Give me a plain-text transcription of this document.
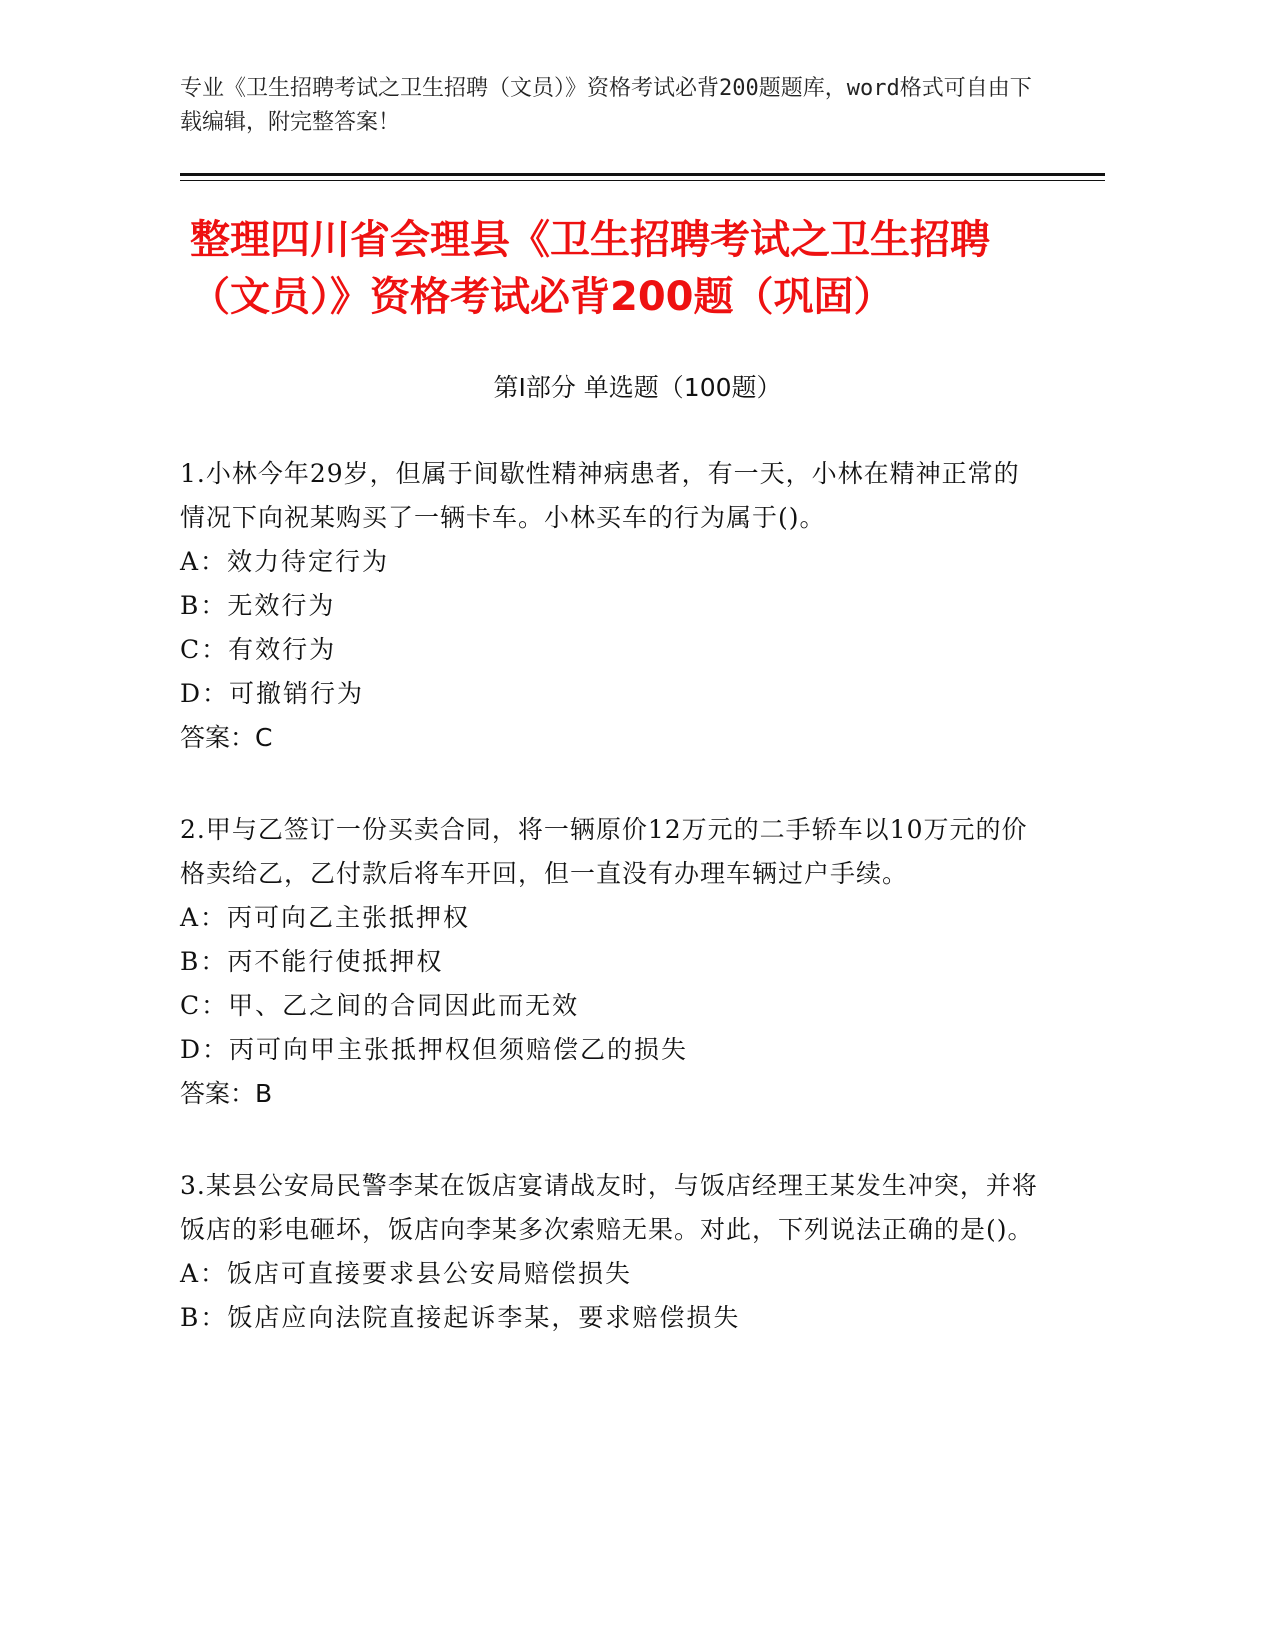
专业《卫生招聘考试之卫生招聘（文员）》资格考试必背200题题库，word格式可自由下载编辑，附完整答案！
整理四川省会理县《卫生招聘考试之卫生招聘（文员）》资格考试必背200题（巩固）
第Ⅰ部分 单选题（100题）
1.小林今年29岁，但属于间歇性精神病患者，有一天，小林在精神正常的情况下向祝某购买了一辆卡车。小林买车的行为属于()。
A：效力待定行为
B：无效行为
C：有效行为
D：可撤销行为
答案：C
2.甲与乙签订一份买卖合同，将一辆原价12万元的二手轿车以10万元的价格卖给乙，乙付款后将车开回，但一直没有办理车辆过户手续。
A：丙可向乙主张抵押权
B：丙不能行使抵押权
C：甲、乙之间的合同因此而无效
D：丙可向甲主张抵押权但须赔偿乙的损失
答案：B
3.某县公安局民警李某在饭店宴请战友时，与饭店经理王某发生冲突，并将饭店的彩电砸坏，饭店向李某多次索赔无果。对此，下列说法正确的是()。
A：饭店可直接要求县公安局赔偿损失
B：饭店应向法院直接起诉李某，要求赔偿损失
